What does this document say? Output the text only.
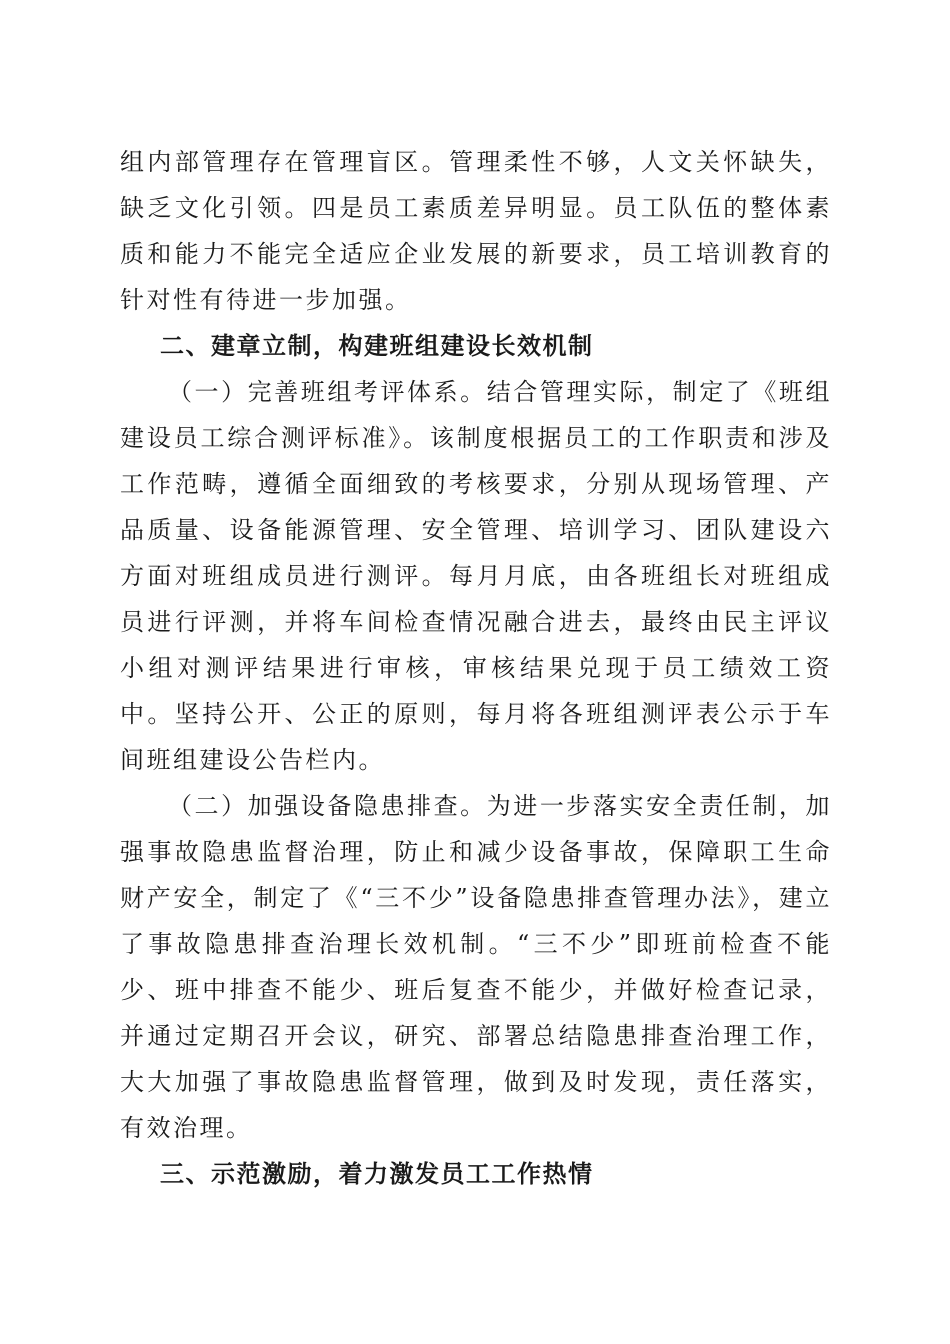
组内部管理存在管理盲区。管理柔性不够，人文关怀缺失，缺乏文化引领。四是员工素质差异明显。员工队伍的整体素质和能力不能完全适应企业发展的新要求，员工培训教育的针对性有待进一步加强。

二、建章立制，构建班组建设长效机制

（一）完善班组考评体系。结合管理实际，制定了《班组建设员工综合测评标准》。该制度根据员工的工作职责和涉及工作范畴，遵循全面细致的考核要求，分别从现场管理、产品质量、设备能源管理、安全管理、培训学习、团队建设六方面对班组成员进行测评。每月月底，由各班组长对班组成员进行评测，并将车间检查情况融合进去，最终由民主评议小组对测评结果进行审核，审核结果兑现于员工绩效工资中。坚持公开、公正的原则，每月将各班组测评表公示于车间班组建设公告栏内。

（二）加强设备隐患排查。为进一步落实安全责任制，加强事故隐患监督治理，防止和减少设备事故，保障职工生命财产安全，制定了《“三不少”设备隐患排查管理办法》，建立了事故隐患排查治理长效机制。“三不少”即班前检查不能少、班中排查不能少、班后复查不能少，并做好检查记录，并通过定期召开会议，研究、部署总结隐患排查治理工作，大大加强了事故隐患监督管理，做到及时发现，责任落实，有效治理。

三、示范激励，着力激发员工工作热情
